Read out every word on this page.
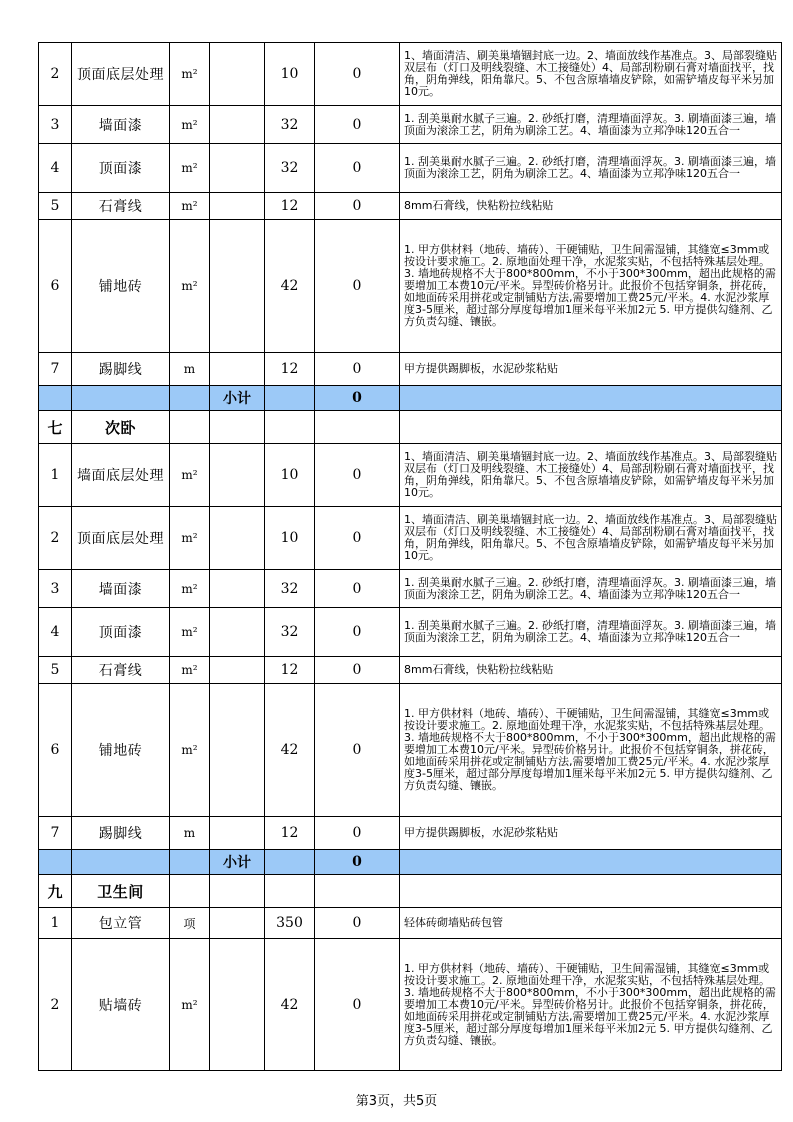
2	顶面底层处理	m²		10	0	1、墙面清洁、刷美巢墙锢封底一边。2、墙面放线作基准点。3、局部裂缝贴双层布（灯口及明线裂缝、木工接缝处）4、局部刮粉刷石膏对墙面找平，找角，阴角弹线，阳角靠尺。5、不包含原墙墙皮铲除，如需铲墙皮每平米另加10元。

3	墙面漆	m²		32	0	1. 刮美巢耐水腻子三遍。2. 砂纸打磨，清理墙面浮灰。3. 刷墙面漆三遍，墙顶面为滚涂工艺，阴角为刷涂工艺。4、墙面漆为立邦净味120五合一

4	顶面漆	m²		32	0	1. 刮美巢耐水腻子三遍。2. 砂纸打磨，清理墙面浮灰。3. 刷墙面漆三遍，墙顶面为滚涂工艺，阴角为刷涂工艺。4、墙面漆为立邦净味120五合一

5	石膏线	m²		12	0	8mm石膏线，快粘粉拉线粘贴

6	铺地砖	m²		42	0	1. 甲方供材料（地砖、墙砖）、干硬铺贴，卫生间需湿铺，其缝宽≤3mm或按设计要求施工。2. 原地面处理干净，水泥浆实贴，不包括特殊基层处理。3. 墙地砖规格不大于800*800mm，不小于300*300mm，超出此规格的需要增加工本费10元/平米。异型砖价格另计。此报价不包括穿铜条，拼花砖，如地面砖采用拼花或定制铺贴方法,需要增加工费25元/平米。4. 水泥沙浆厚度3-5厘米，超过部分厚度每增加1厘米每平米加2元 5. 甲方提供勾缝剂、乙方负责勾缝、镶嵌。

7	踢脚线	m		12	0	甲方提供踢脚板，水泥砂浆粘贴

			小计		0	

七	次卧					

1	墙面底层处理	m²		10	0	1、墙面清洁、刷美巢墙锢封底一边。2、墙面放线作基准点。3、局部裂缝贴双层布（灯口及明线裂缝、木工接缝处）4、局部刮粉刷石膏对墙面找平，找角，阴角弹线，阳角靠尺。5、不包含原墙墙皮铲除，如需铲墙皮每平米另加10元。

2	顶面底层处理	m²		10	0	1、墙面清洁、刷美巢墙锢封底一边。2、墙面放线作基准点。3、局部裂缝贴双层布（灯口及明线裂缝、木工接缝处）4、局部刮粉刷石膏对墙面找平，找角，阴角弹线，阳角靠尺。5、不包含原墙墙皮铲除，如需铲墙皮每平米另加10元。

3	墙面漆	m²		32	0	1. 刮美巢耐水腻子三遍。2. 砂纸打磨，清理墙面浮灰。3. 刷墙面漆三遍，墙顶面为滚涂工艺，阴角为刷涂工艺。4、墙面漆为立邦净味120五合一

4	顶面漆	m²		32	0	1. 刮美巢耐水腻子三遍。2. 砂纸打磨，清理墙面浮灰。3. 刷墙面漆三遍，墙顶面为滚涂工艺，阴角为刷涂工艺。4、墙面漆为立邦净味120五合一

5	石膏线	m²		12	0	8mm石膏线，快粘粉拉线粘贴

6	铺地砖	m²		42	0	1. 甲方供材料（地砖、墙砖）、干硬铺贴，卫生间需湿铺，其缝宽≤3mm或按设计要求施工。2. 原地面处理干净，水泥浆实贴，不包括特殊基层处理。3. 墙地砖规格不大于800*800mm，不小于300*300mm，超出此规格的需要增加工本费10元/平米。异型砖价格另计。此报价不包括穿铜条，拼花砖，如地面砖采用拼花或定制铺贴方法,需要增加工费25元/平米。4. 水泥沙浆厚度3-5厘米，超过部分厚度每增加1厘米每平米加2元 5. 甲方提供勾缝剂、乙方负责勾缝、镶嵌。

7	踢脚线	m		12	0	甲方提供踢脚板，水泥砂浆粘贴

			小计		0	

九	卫生间					

1	包立管	项		350	0	轻体砖砌墙贴砖包管

2	贴墙砖	m²		42	0	1. 甲方供材料（地砖、墙砖）、干硬铺贴，卫生间需湿铺，其缝宽≤3mm或按设计要求施工。2. 原地面处理干净，水泥浆实贴，不包括特殊基层处理。3. 墙地砖规格不大于800*800mm，不小于300*300mm，超出此规格的需要增加工本费10元/平米。异型砖价格另计。此报价不包括穿铜条，拼花砖，如地面砖采用拼花或定制铺贴方法,需要增加工费25元/平米。4. 水泥沙浆厚度3-5厘米，超过部分厚度每增加1厘米每平米加2元 5. 甲方提供勾缝剂、乙方负责勾缝、镶嵌。
第3页，共5页
